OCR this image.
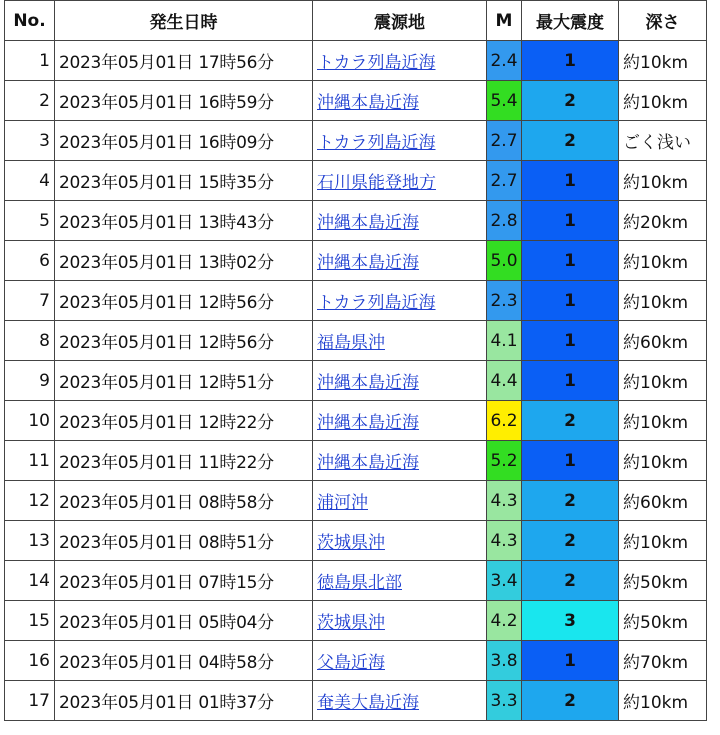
No.	発生日時	震源地	M	最大震度	深さ
1	2023年05月01日 17時56分	トカラ列島近海	2.4	1	約10km
2	2023年05月01日 16時59分	沖縄本島近海	5.4	2	約10km
3	2023年05月01日 16時09分	トカラ列島近海	2.7	2	ごく浅い
4	2023年05月01日 15時35分	石川県能登地方	2.7	1	約10km
5	2023年05月01日 13時43分	沖縄本島近海	2.8	1	約20km
6	2023年05月01日 13時02分	沖縄本島近海	5.0	1	約10km
7	2023年05月01日 12時56分	トカラ列島近海	2.3	1	約10km
8	2023年05月01日 12時56分	福島県沖	4.1	1	約60km
9	2023年05月01日 12時51分	沖縄本島近海	4.4	1	約10km
10	2023年05月01日 12時22分	沖縄本島近海	6.2	2	約10km
11	2023年05月01日 11時22分	沖縄本島近海	5.2	1	約10km
12	2023年05月01日 08時58分	浦河沖	4.3	2	約60km
13	2023年05月01日 08時51分	茨城県沖	4.3	2	約10km
14	2023年05月01日 07時15分	徳島県北部	3.4	2	約50km
15	2023年05月01日 05時04分	茨城県沖	4.2	3	約50km
16	2023年05月01日 04時58分	父島近海	3.8	1	約70km
17	2023年05月01日 01時37分	奄美大島近海	3.3	2	約10km
